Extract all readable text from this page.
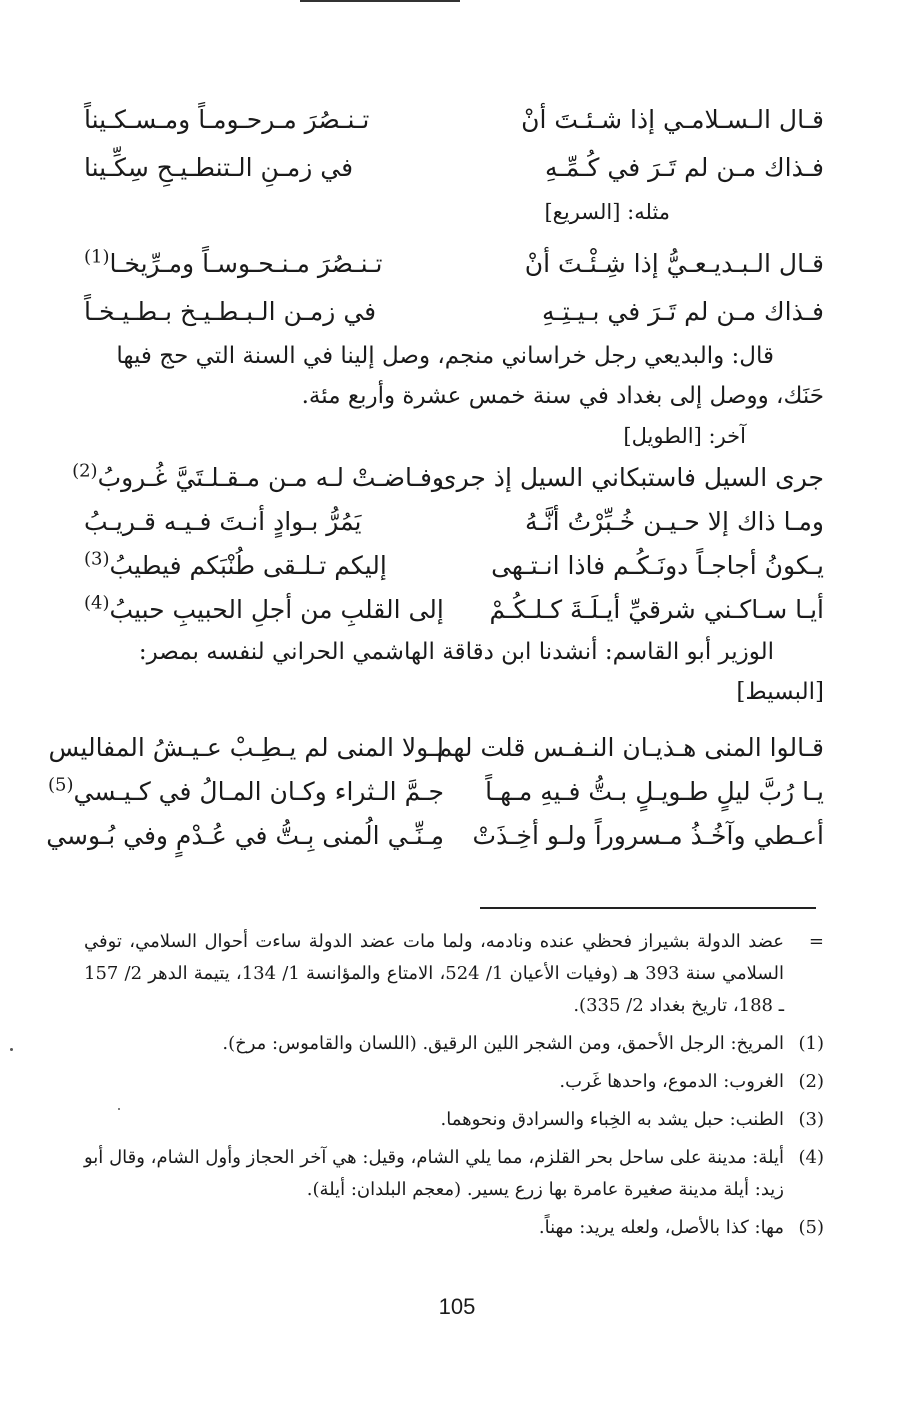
قـال الـسـلامـي إذا شـئـتَ أنْ
تـنـصُرَ مـرحـومـاً ومـسـكـيناً
فـذاك مـن لم تَـرَ في كُـمِّـهِ
في زمـنِ الـتنطـيـحِ سِكِّـينا
مثله: [السريع]
قـال الـبـديـعـيُّ إذا شِـئْـتَ أنْ
تـنـصُرَ مـنـحـوسـاً ومـرِّيخـا$^{(1)}$
فـذاك مـن لم تَـرَ في بـيـتِـهِ
في زمـن الـبـطـيـخ بـطـيـخـاً
قال: والبديعي رجل خراساني منجم، وصل إلينا في السنة التي حج فيها
حَنَك، ووصل إلى بغداد في سنة خمس عشرة وأربع مئة.
آخر: [الطويل]
جرى السيل فاستبكاني السيل إذ جرى
وفـاضـتْ لـه مـن مـقـلـتَيَّ غُـروبُ$^{(2)}$
ومـا ذاك إلا حـيـن خُـبِّرْتُ أنَّـهُ
يَمُرُّ بـوادٍ أنـتَ فـيـه قـريـبُ
يـكونُ أجاجـاً دونَـكُـم فاذا انـتـهى
إليكم تـلـقى طُنْبَكم فيطيبُ$^{(3)}$
أيـا سـاكـني شرقيِّ أيـلَـةَ كـلـكُـمْ
إلى القلبِ من أجلِ الحبيبِ حبيبُ$^{(4)}$
الوزير أبو القاسم: أنشدنا ابن دقاقة الهاشمي الحراني لنفسه بمصر:
[البسيط]
قـالوا المنى هـذيـان النـفـس قلت لهم
لـولا المنى لم يـطِـبْ عـيـشُ المفاليس
يـا رُبَّ ليلٍ طـويـلٍ بـتُّ فـيهِ مـهـاً
جـمَّ الـثراء وكـان المـالُ في كـيـسي$^{(5)}$
أعـطي وآخُـذُ مـسروراً ولـو أخِـذَتْ
مِـنِّـي الُمنى بِـتُّ في عُـدْمٍ وفي بُـوسي
=
عضد الدولة بشيراز فحظي عنده ونادمه، ولما مات عضد الدولة ساءت أحوال السلامي، توفي السلامي سنة 393 هـ (وفيات الأعيان 1/ 524، الامتاع والمؤانسة 1/ 134، يتيمة الدهر 2/ 157 ـ 188، تاريخ بغداد 2/ 335).
(1)
المريخ: الرجل الأحمق، ومن الشجر اللين الرقيق. (اللسان والقاموس: مرخ).
(2)
الغروب: الدموع، واحدها غَرب.
(3)
الطنب: حبل يشد به الخِباء والسرادق ونحوهما.
(4)
أيلة: مدينة على ساحل بحر القلزم، مما يلي الشام، وقيل: هي آخر الحجاز وأول الشام، وقال أبو زيد: أيلة مدينة صغيرة عامرة بها زرع يسير. (معجم البلدان: أيلة).
(5)
مها: كذا بالأصل، ولعله يريد: مهناً.
105
